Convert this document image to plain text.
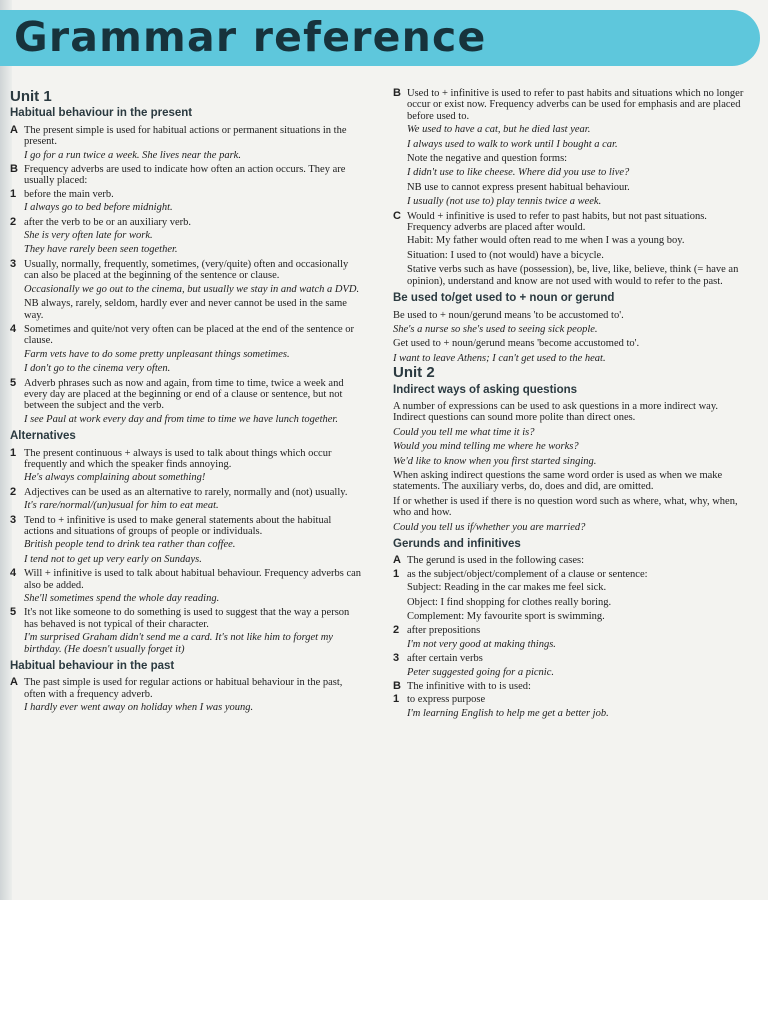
Grammar reference
Unit 1
Habitual behaviour in the present
A The present simple is used for habitual actions or permanent situations in the present.
I go for a run twice a week. She lives near the park.
B Frequency adverbs are used to indicate how often an action occurs. They are usually placed:
1 before the main verb.
I always go to bed before midnight.
2 after the verb to be or an auxiliary verb.
She is very often late for work.
They have rarely been seen together.
3 Usually, normally, frequently, sometimes, (very/quite) often and occasionally can also be placed at the beginning of the sentence or clause.
Occasionally we go out to the cinema, but usually we stay in and watch a DVD.
NB always, rarely, seldom, hardly ever and never cannot be used in the same way.
4 Sometimes and quite/not very often can be placed at the end of the sentence or clause.
Farm vets have to do some pretty unpleasant things sometimes.
I don't go to the cinema very often.
5 Adverb phrases such as now and again, from time to time, twice a week and every day are placed at the beginning or end of a clause or sentence, but not between the subject and the verb.
I see Paul at work every day and from time to time we have lunch together.
Alternatives
1 The present continuous + always is used to talk about things which occur frequently and which the speaker finds annoying.
He's always complaining about something!
2 Adjectives can be used as an alternative to rarely, normally and (not) usually.
It's rare/normal/(un)usual for him to eat meat.
3 Tend to + infinitive is used to make general statements about the habitual actions and situations of groups of people or individuals.
British people tend to drink tea rather than coffee.
I tend not to get up very early on Sundays.
4 Will + infinitive is used to talk about habitual behaviour. Frequency adverbs can also be added.
She'll sometimes spend the whole day reading.
5 It's not like someone to do something is used to suggest that the way a person has behaved is not typical of their character.
I'm surprised Graham didn't send me a card. It's not like him to forget my birthday. (He doesn't usually forget it)
Habitual behaviour in the past
A The past simple is used for regular actions or habitual behaviour in the past, often with a frequency adverb.
I hardly ever went away on holiday when I was young.
B Used to + infinitive is used to refer to past habits and situations which no longer occur or exist now. Frequency adverbs can be used for emphasis and are placed before used to.
We used to have a cat, but he died last year.
I always used to walk to work until I bought a car.
Note the negative and question forms:
I didn't use to like cheese. Where did you use to live?
NB use to cannot express present habitual behaviour.
I usually (not use to) play tennis twice a week.
C Would + infinitive is used to refer to past habits, but not past situations. Frequency adverbs are placed after would.
Habit: My father would often read to me when I was a young boy.
Situation: I used to (not would) have a bicycle.
Stative verbs such as have (possession), be, live, like, believe, think (= have an opinion), understand and know are not used with would to refer to the past.
Be used to/get used to + noun or gerund
Be used to + noun/gerund means 'to be accustomed to'.
She's a nurse so she's used to seeing sick people.
Get used to + noun/gerund means 'become accustomed to'.
I want to leave Athens; I can't get used to the heat.
Unit 2
Indirect ways of asking questions
A number of expressions can be used to ask questions in a more indirect way. Indirect questions can sound more polite than direct ones.
Could you tell me what time it is?
Would you mind telling me where he works?
We'd like to know when you first started singing.
When asking indirect questions the same word order is used as when we make statements. The auxiliary verbs, do, does and did, are omitted.
If or whether is used if there is no question word such as where, what, why, when, who and how.
Could you tell us if/whether you are married?
Gerunds and infinitives
A The gerund is used in the following cases:
1 as the subject/object/complement of a clause or sentence:
Subject: Reading in the car makes me feel sick.
Object: I find shopping for clothes really boring.
Complement: My favourite sport is swimming.
2 after prepositions
I'm not very good at making things.
3 after certain verbs
Peter suggested going for a picnic.
B The infinitive with to is used:
1 to express purpose
I'm learning English to help me get a better job.
